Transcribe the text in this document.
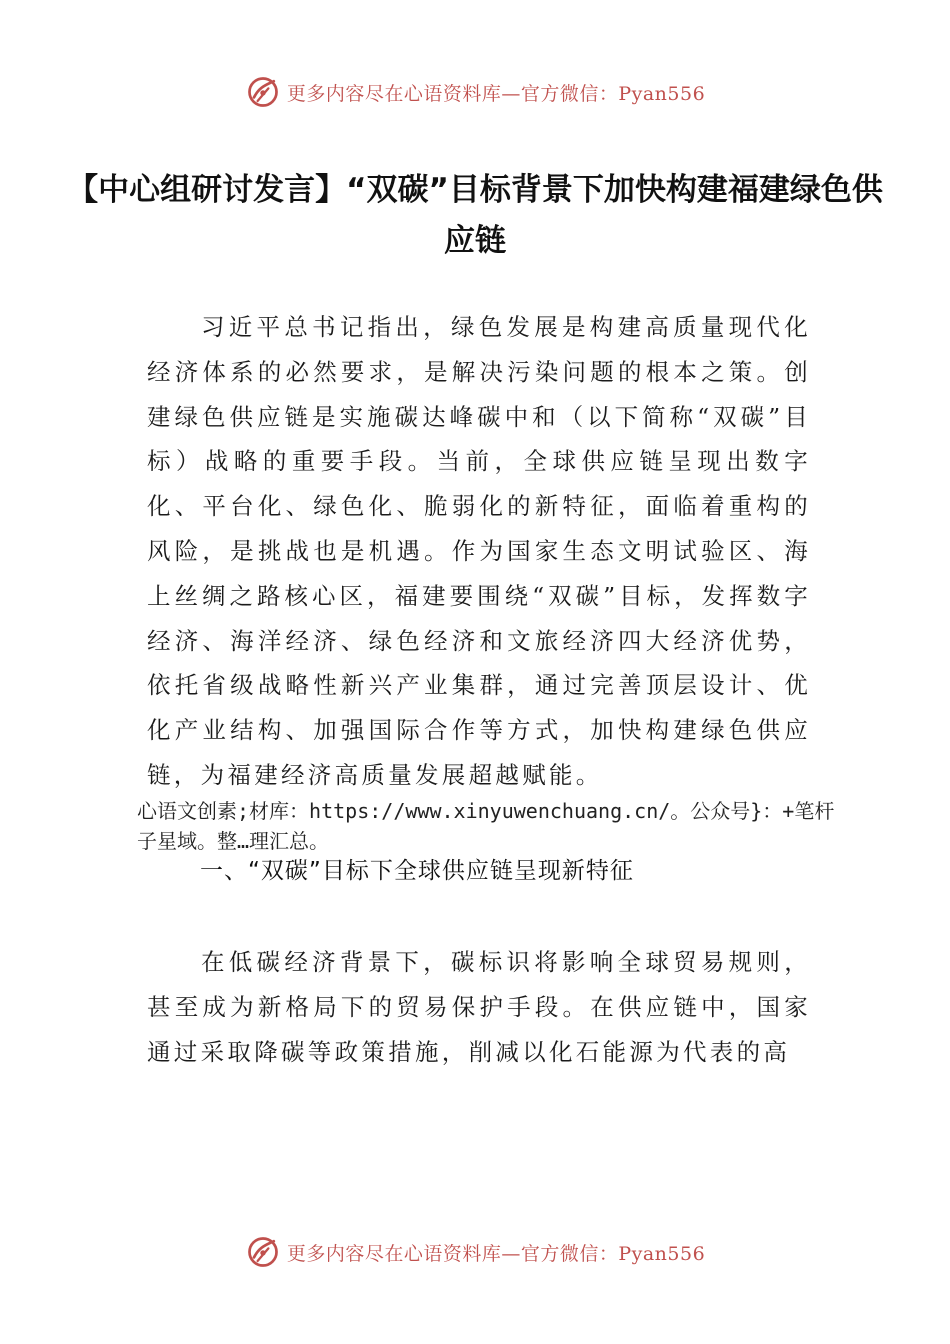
更多内容尽在心语资料库—官方微信：Pyan556
【中心组研讨发言】“双碳”目标背景下加快构建福建绿色供应链

习近平总书记指出，绿色发展是构建高质量现代化经济体系的必然要求，是解决污染问题的根本之策。创建绿色供应链是实施碳达峰碳中和（以下简称“双碳”目标）战略的重要手段。当前，全球供应链呈现出数字化、平台化、绿色化、脆弱化的新特征，面临着重构的风险，是挑战也是机遇。作为国家生态文明试验区、海上丝绸之路核心区，福建要围绕“双碳”目标，发挥数字经济、海洋经济、绿色经济和文旅经济四大经济优势，依托省级战略性新兴产业集群，通过完善顶层设计、优化产业结构、加强国际合作等方式，加快构建绿色供应链，为福建经济高质量发展超越赋能。

心语文创素;材库：https://www.xinyuwenchuang.cn/。公众号}：+笔杆子星域。整…理汇总。

一、“双碳”目标下全球供应链呈现新特征

在低碳经济背景下，碳标识将影响全球贸易规则，甚至成为新格局下的贸易保护手段。在供应链中，国家通过采取降碳等政策措施，削减以化石能源为代表的高

更多内容尽在心语资料库—官方微信：Pyan556
